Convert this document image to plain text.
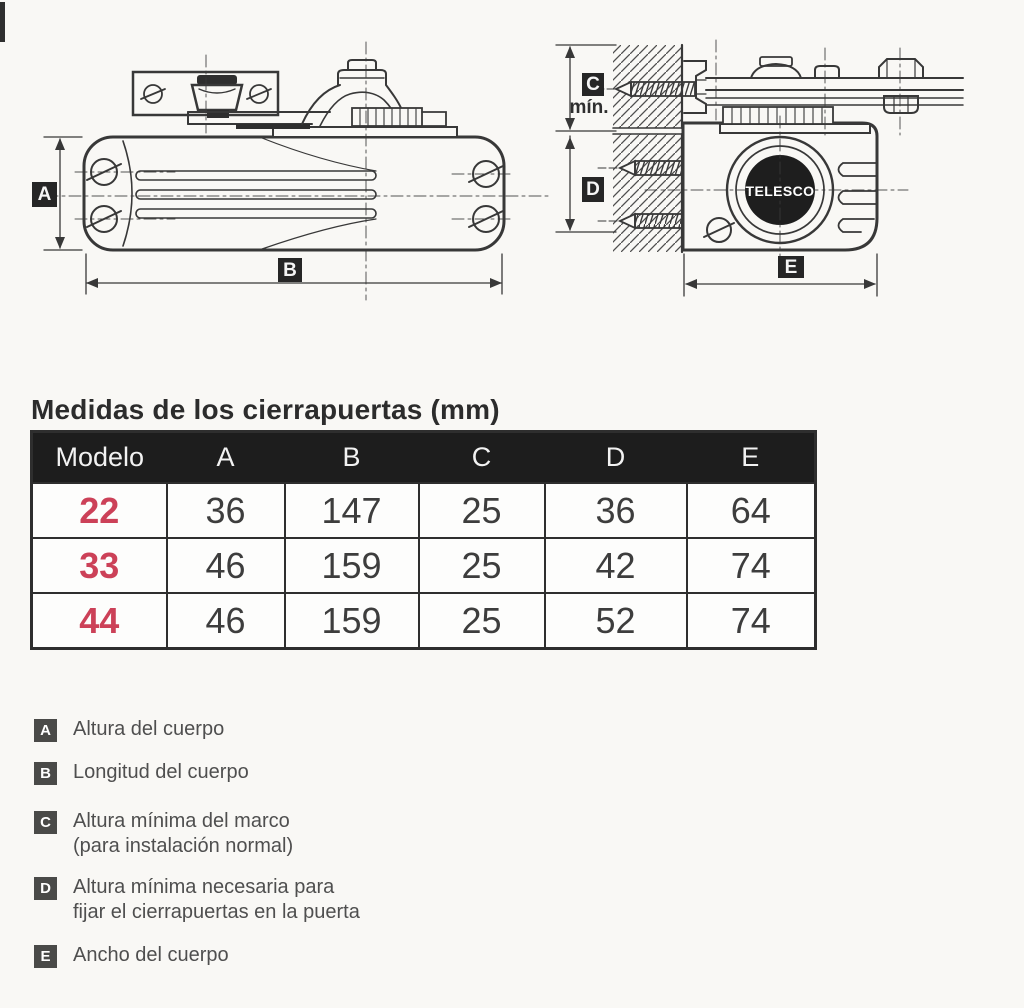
A
B
C
mín.
D
E
TELESCO
Medidas de los cierrapuertas (mm)
Modelo	A	B	C	D	E
22	36	147	25	36	64
33	46	159	25	42	74
44	46	159	25	52	74
A	Altura del cuerpo
B	Longitud del cuerpo
C	Altura mínima del marco
(para instalación normal)
D	Altura mínima necesaria para
fijar el cierrapuertas en la puerta
E	Ancho del cuerpo
